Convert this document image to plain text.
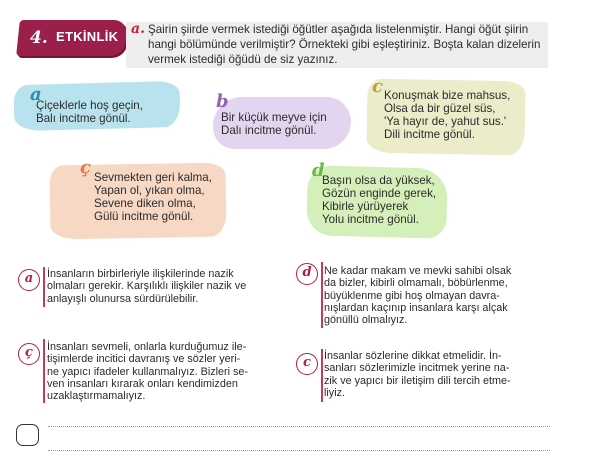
4. ETKİNLİK a. Şairin şiirde vermek istediği öğütler aşağıda listelenmiştir. Hangi öğüt şiirin hangi bölümünde verilmiştir? Örnekteki gibi eşleştiriniz. Boşta kalan dizelerin vermek istediği öğüdü de siz yazınız.
a
Çiçeklerle hoş geçin,
Balı incitme gönül.
b
Bir küçük meyve için
Dalı incitme gönül.
c Konuşmak bize mahsus,
Olsa da bir güzel süs,
'Ya hayır de, yahut sus.'
Dili incitme gönül.
ç Sevmekten geri kalma,
Yapan ol, yıkan olma,
Sevene diken olma,
Gülü incitme gönül.
d
Başın olsa da yüksek,
Gözün enginde gerek,
Kibirle yürüyerek
Yolu incitme gönül.
a	İnsanların birbirleriyle ilişkilerinde nazik
olmaları gerekir. Karşılıklı ilişkiler nazik ve
anlayışlı olunursa sürdürülebilir.
d	Ne kadar makam ve mevki sahibi olsak
da bizler, kibirli olmamalı, böbürlenme,
büyüklenme gibi hoş olmayan davra-
nışlardan kaçınıp insanlara karşı alçak
gönüllü olmalıyız.
ç	İnsanları sevmeli, onlarla kurduğumuz ile-
tişimlerde incitici davranış ve sözler yeri-
ne yapıcı ifadeler kullanmalıyız. Bizleri se-
ven insanları kırarak onları kendimizden
uzaklaştırmamalıyız.
c	İnsanlar sözlerine dikkat etmelidir. İn-
sanları sözlerimizle incitmek yerine na-
zik ve yapıcı bir iletişim dili tercih etme-
liyiz.
